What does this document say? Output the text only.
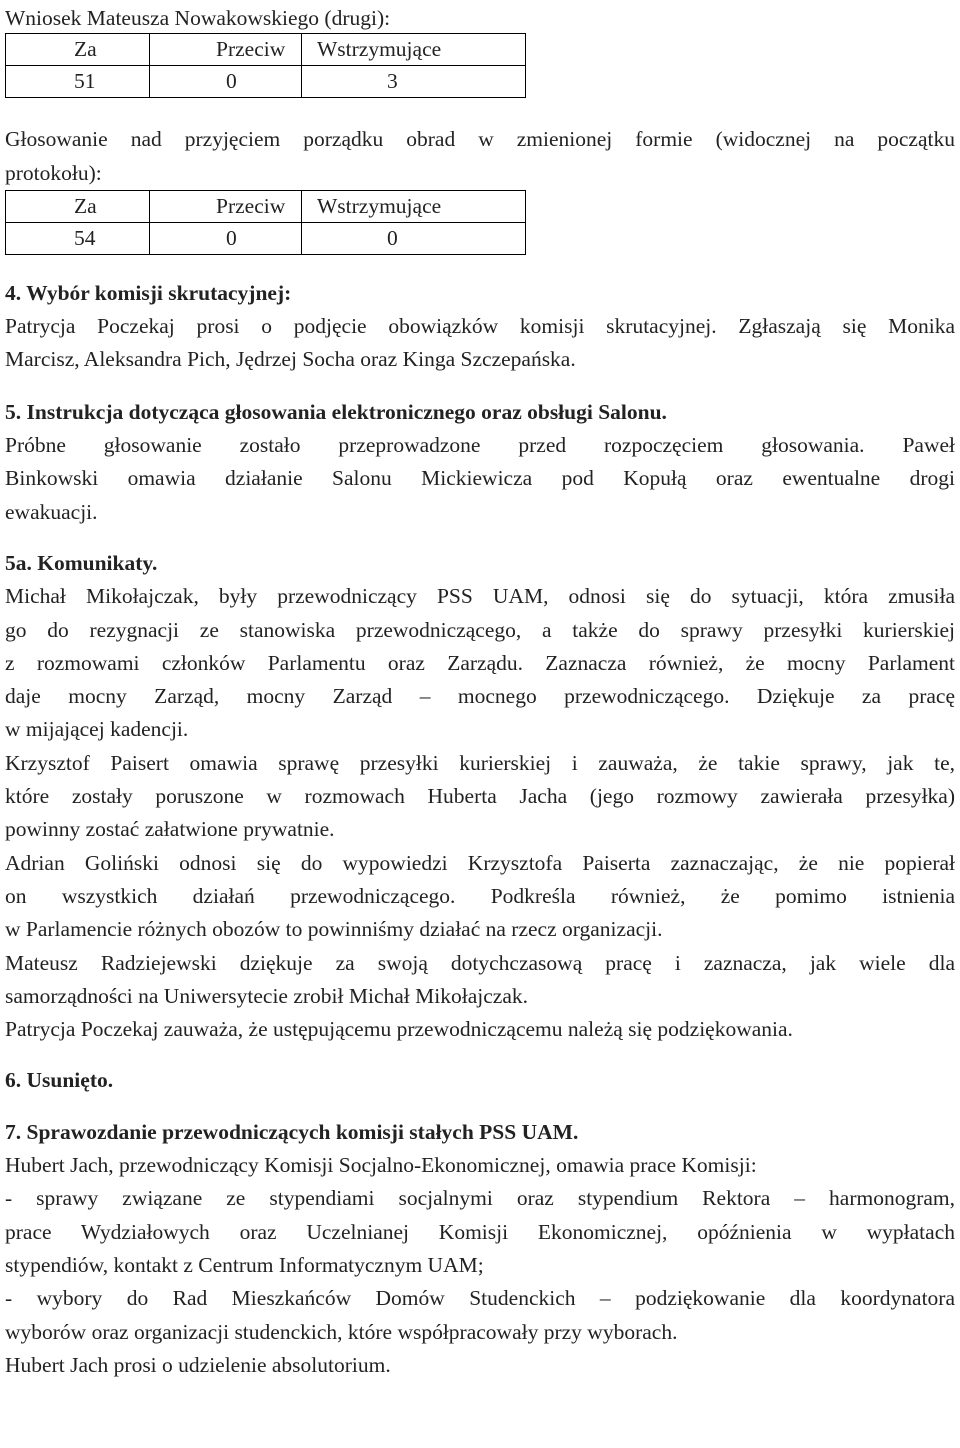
Wniosek Mateusza Nowakowskiego (drugi):
Za	Przeciw	Wstrzymujące
51	0	3
Głosowanie nad przyjęciem porządku obrad w zmienionej formie (widocznej na początku
protokołu):
Za	Przeciw	Wstrzymujące
54	0	0
4. Wybór komisji skrutacyjnej:
Patrycja Poczekaj prosi o podjęcie obowiązków komisji skrutacyjnej. Zgłaszają się Monika
Marcisz, Aleksandra Pich, Jędrzej Socha oraz Kinga Szczepańska.
5. Instrukcja dotycząca głosowania elektronicznego oraz obsługi Salonu.
Próbne głosowanie zostało przeprowadzone przed rozpoczęciem głosowania. Paweł
Binkowski omawia działanie Salonu Mickiewicza pod Kopułą oraz ewentualne drogi
ewakuacji.
5a. Komunikaty.
Michał Mikołajczak, były przewodniczący PSS UAM, odnosi się do sytuacji, która zmusiła
go do rezygnacji ze stanowiska przewodniczącego, a także do sprawy przesyłki kurierskiej
z rozmowami członków Parlamentu oraz Zarządu. Zaznacza również, że mocny Parlament
daje mocny Zarząd, mocny Zarząd – mocnego przewodniczącego. Dziękuje za pracę
w mijającej kadencji.
Krzysztof Paisert omawia sprawę przesyłki kurierskiej i zauważa, że takie sprawy, jak te,
które zostały poruszone w rozmowach Huberta Jacha (jego rozmowy zawierała przesyłka)
powinny zostać załatwione prywatnie.
Adrian Goliński odnosi się do wypowiedzi Krzysztofa Paiserta zaznaczając, że nie popierał
on wszystkich działań przewodniczącego. Podkreśla również, że pomimo istnienia
w Parlamencie różnych obozów to powinniśmy działać na rzecz organizacji.
Mateusz Radziejewski dziękuje za swoją dotychczasową pracę i zaznacza, jak wiele dla
samorządności na Uniwersytecie zrobił Michał Mikołajczak.
Patrycja Poczekaj zauważa, że ustępującemu przewodniczącemu należą się podziękowania.
6. Usunięto.
7. Sprawozdanie przewodniczących komisji stałych PSS UAM.
Hubert Jach, przewodniczący Komisji Socjalno-Ekonomicznej, omawia prace Komisji:
- sprawy związane ze stypendiami socjalnymi oraz stypendium Rektora – harmonogram,
prace Wydziałowych oraz Uczelnianej Komisji Ekonomicznej, opóźnienia w wypłatach
stypendiów, kontakt z Centrum Informatycznym UAM;
- wybory do Rad Mieszkańców Domów Studenckich – podziękowanie dla koordynatora
wyborów oraz organizacji studenckich, które współpracowały przy wyborach.
Hubert Jach prosi o udzielenie absolutorium.
